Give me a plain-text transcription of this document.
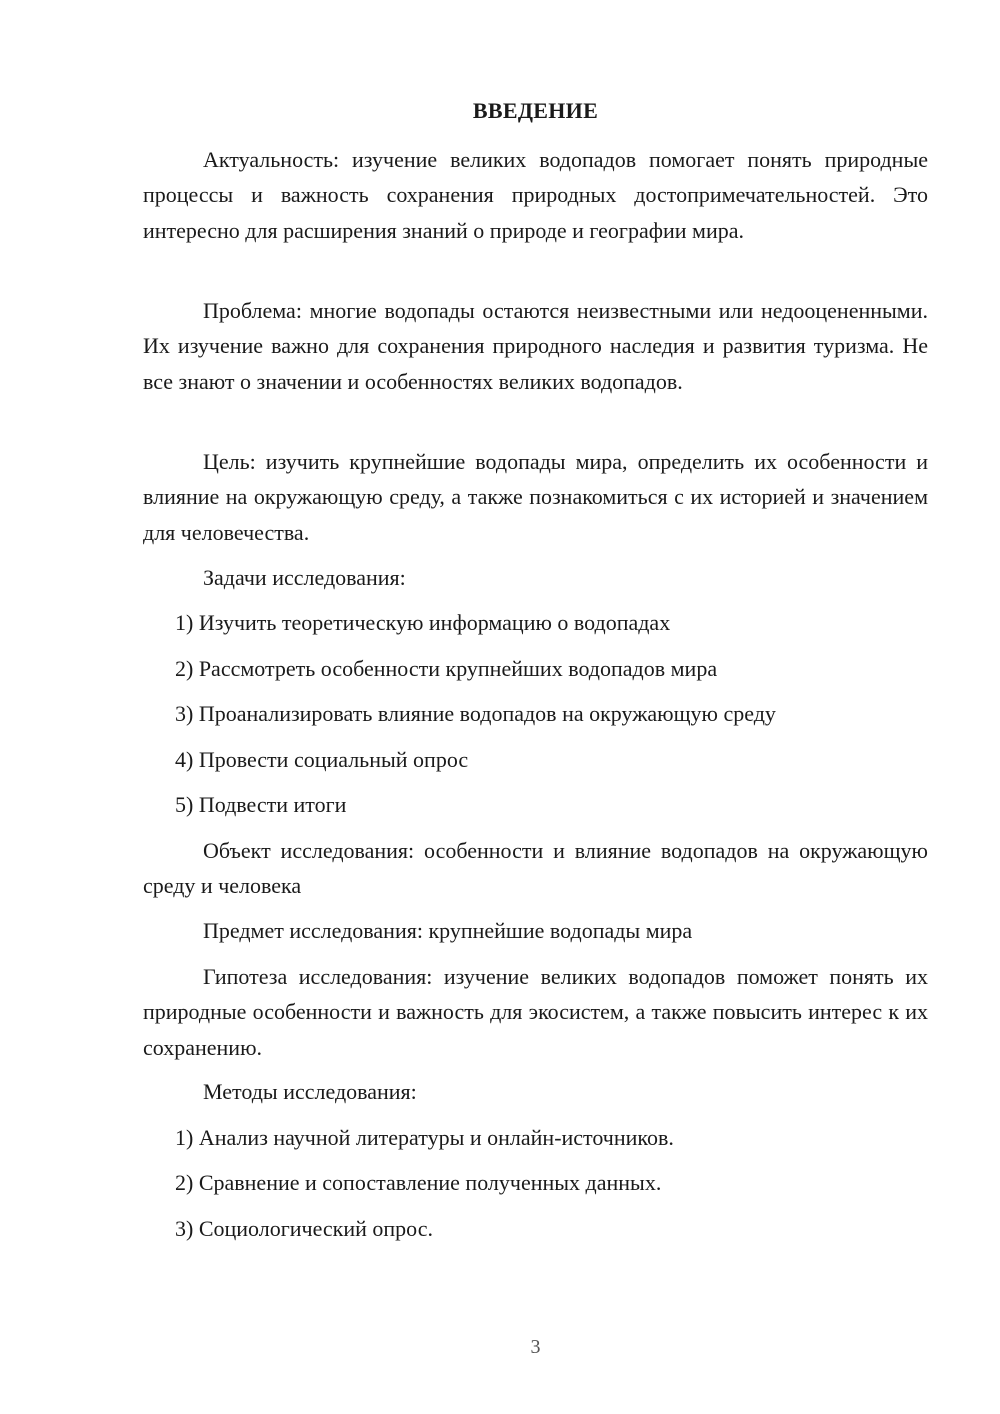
ВВЕДЕНИЕ

Актуальность: изучение великих водопадов помогает понять природные процессы и важность сохранения природных достопримечательностей. Это интересно для расширения знаний о природе и географии мира.

Проблема: многие водопады остаются неизвестными или недооцененными. Их изучение важно для сохранения природного наследия и развития туризма. Не все знают о значении и особенностях великих водопадов.

Цель: изучить крупнейшие водопады мира, определить их особенности и влияние на окружающую среду, а также познакомиться с их историей и значением для человечества.

Задачи исследования:
1) Изучить теоретическую информацию о водопадах
2) Рассмотреть особенности крупнейших водопадов мира
3) Проанализировать влияние водопадов на окружающую среду
4) Провести социальный опрос
5) Подвести итоги

Объект исследования: особенности и влияние водопадов на окружающую среду и человека

Предмет исследования: крупнейшие водопады мира

Гипотеза исследования: изучение великих водопадов поможет понять их природные особенности и важность для экосистем, а также повысить интерес к их сохранению.

Методы исследования:
1) Анализ научной литературы и онлайн-источников.
2) Сравнение и сопоставление полученных данных.
3) Социологический опрос.
3
